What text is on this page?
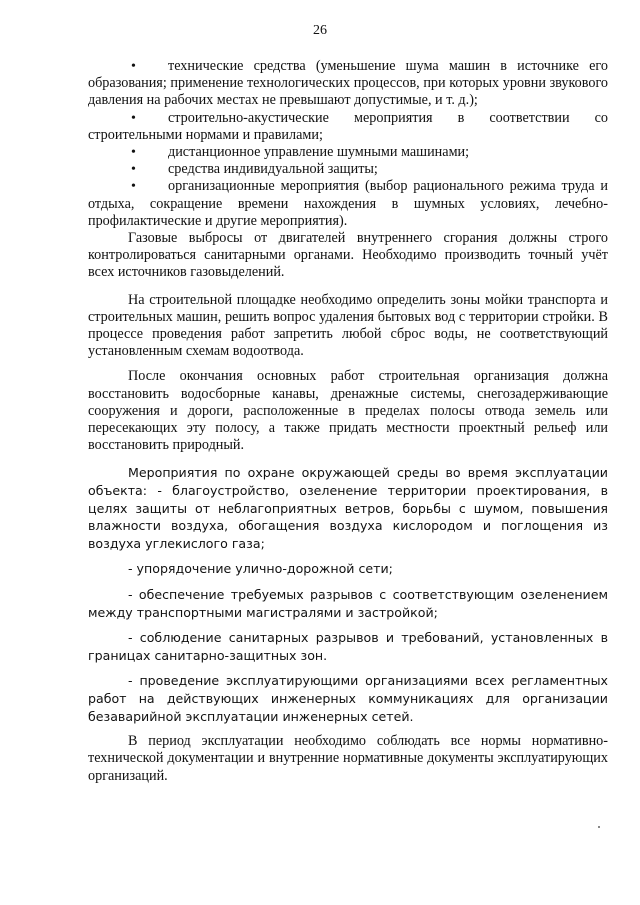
26

• технические средства (уменьшение шума машин в источнике его образования; применение технологических процессов, при которых уровни звукового давления на рабочих местах не превышают допустимые, и т. д.);

• строительно-акустические мероприятия в соответствии со строительными нормами и правилами;

• дистанционное управление шумными машинами;

• средства индивидуальной защиты;

• организационные мероприятия (выбор рационального режима труда и отдыха, сокращение времени нахождения в шумных условиях, лечебно-профилактические и другие мероприятия).

Газовые выбросы от двигателей внутреннего сгорания должны строго контролироваться санитарными органами. Необходимо производить точный учёт всех источников газовыделений.

На строительной площадке необходимо определить зоны мойки транспорта и строительных машин, решить вопрос удаления бытовых вод с территории стройки. В процессе проведения работ запретить любой сброс воды, не соответствующий установленным схемам водоотвода.

После окончания основных работ строительная организация должна восстановить водосборные канавы, дренажные системы, снегозадерживающие сооружения и дороги, расположенные в пределах полосы отвода земель или пересекающих эту полосу, а также придать местности проектный рельеф или восстановить природный.

Мероприятия по охране окружающей среды во время эксплуатации объекта: - благоустройство, озеленение территории проектирования, в целях защиты от неблагоприятных ветров, борьбы с шумом, повышения влажности воздуха, обогащения воздуха кислородом и поглощения из воздуха углекислого газа;

- упорядочение улично-дорожной сети;

- обеспечение требуемых разрывов с соответствующим озеленением между транспортными магистралями и застройкой;

- соблюдение санитарных разрывов и требований, установленных в границах санитарно-защитных зон.

- проведение эксплуатирующими организациями всех регламентных работ на действующих инженерных коммуникациях для организации безаварийной эксплуатации инженерных сетей.

В период эксплуатации необходимо соблюдать все нормы нормативно-технической документации и внутренние нормативные документы эксплуатирующих организаций.
